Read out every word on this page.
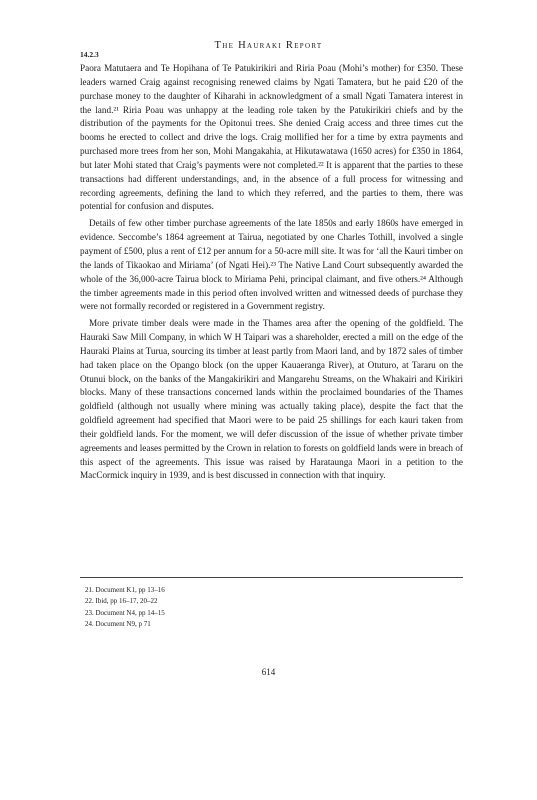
The Hauraki Report
14.2.3

Paora Matutaera and Te Hopihana of Te Patukirikiri and Riria Poau (Mohi’s mother) for £350. These leaders warned Craig against recognising renewed claims by Ngati Tamatera, but he paid £20 of the purchase money to the daughter of Kiharahi in acknowledgment of a small Ngati Tamatera interest in the land.²¹ Riria Poau was unhappy at the leading role taken by the Patukirikiri chiefs and by the distribution of the payments for the Opitonui trees. She denied Craig access and three times cut the booms he erected to collect and drive the logs. Craig mollified her for a time by extra payments and purchased more trees from her son, Mohi Mangakahia, at Hikutawatawa (1650 acres) for £350 in 1864, but later Mohi stated that Craig’s payments were not completed.²² It is apparent that the parties to these transactions had different understandings, and, in the absence of a full process for witnessing and recording agreements, defining the land to which they referred, and the parties to them, there was potential for confusion and disputes.

Details of few other timber purchase agreements of the late 1850s and early 1860s have emerged in evidence. Seccombe’s 1864 agreement at Tairua, negotiated by one Charles Tothill, involved a single payment of £500, plus a rent of £12 per annum for a 50-acre mill site. It was for ‘all the Kauri timber on the lands of Tikaokao and Miriama’ (of Ngati Hei).²³ The Native Land Court subsequently awarded the whole of the 36,000-acre Tairua block to Miriama Pehi, principal claimant, and five others.²⁴ Although the timber agreements made in this period often involved written and witnessed deeds of purchase they were not formally recorded or registered in a Government registry.

More private timber deals were made in the Thames area after the opening of the goldfield. The Hauraki Saw Mill Company, in which W H Taipari was a shareholder, erected a mill on the edge of the Hauraki Plains at Turua, sourcing its timber at least partly from Maori land, and by 1872 sales of timber had taken place on the Opango block (on the upper Kauaeranga River), at Otuturo, at Tararu on the Otunui block, on the banks of the Mangakirikiri and Mangarehu Streams, on the Whakairi and Kirikiri blocks. Many of these transactions concerned lands within the proclaimed boundaries of the Thames goldfield (although not usually where mining was actually taking place), despite the fact that the goldfield agreement had specified that Maori were to be paid 25 shillings for each kauri taken from their goldfield lands. For the moment, we will defer discussion of the issue of whether private timber agreements and leases permitted by the Crown in relation to forests on goldfield lands were in breach of this aspect of the agreements. This issue was raised by Harataunga Maori in a petition to the MacCormick inquiry in 1939, and is best discussed in connection with that inquiry.

21. Document K1, pp 13–16
22. Ibid, pp 16–17, 20–22
23. Document N4, pp 14–15
24. Document N9, p 71
614
